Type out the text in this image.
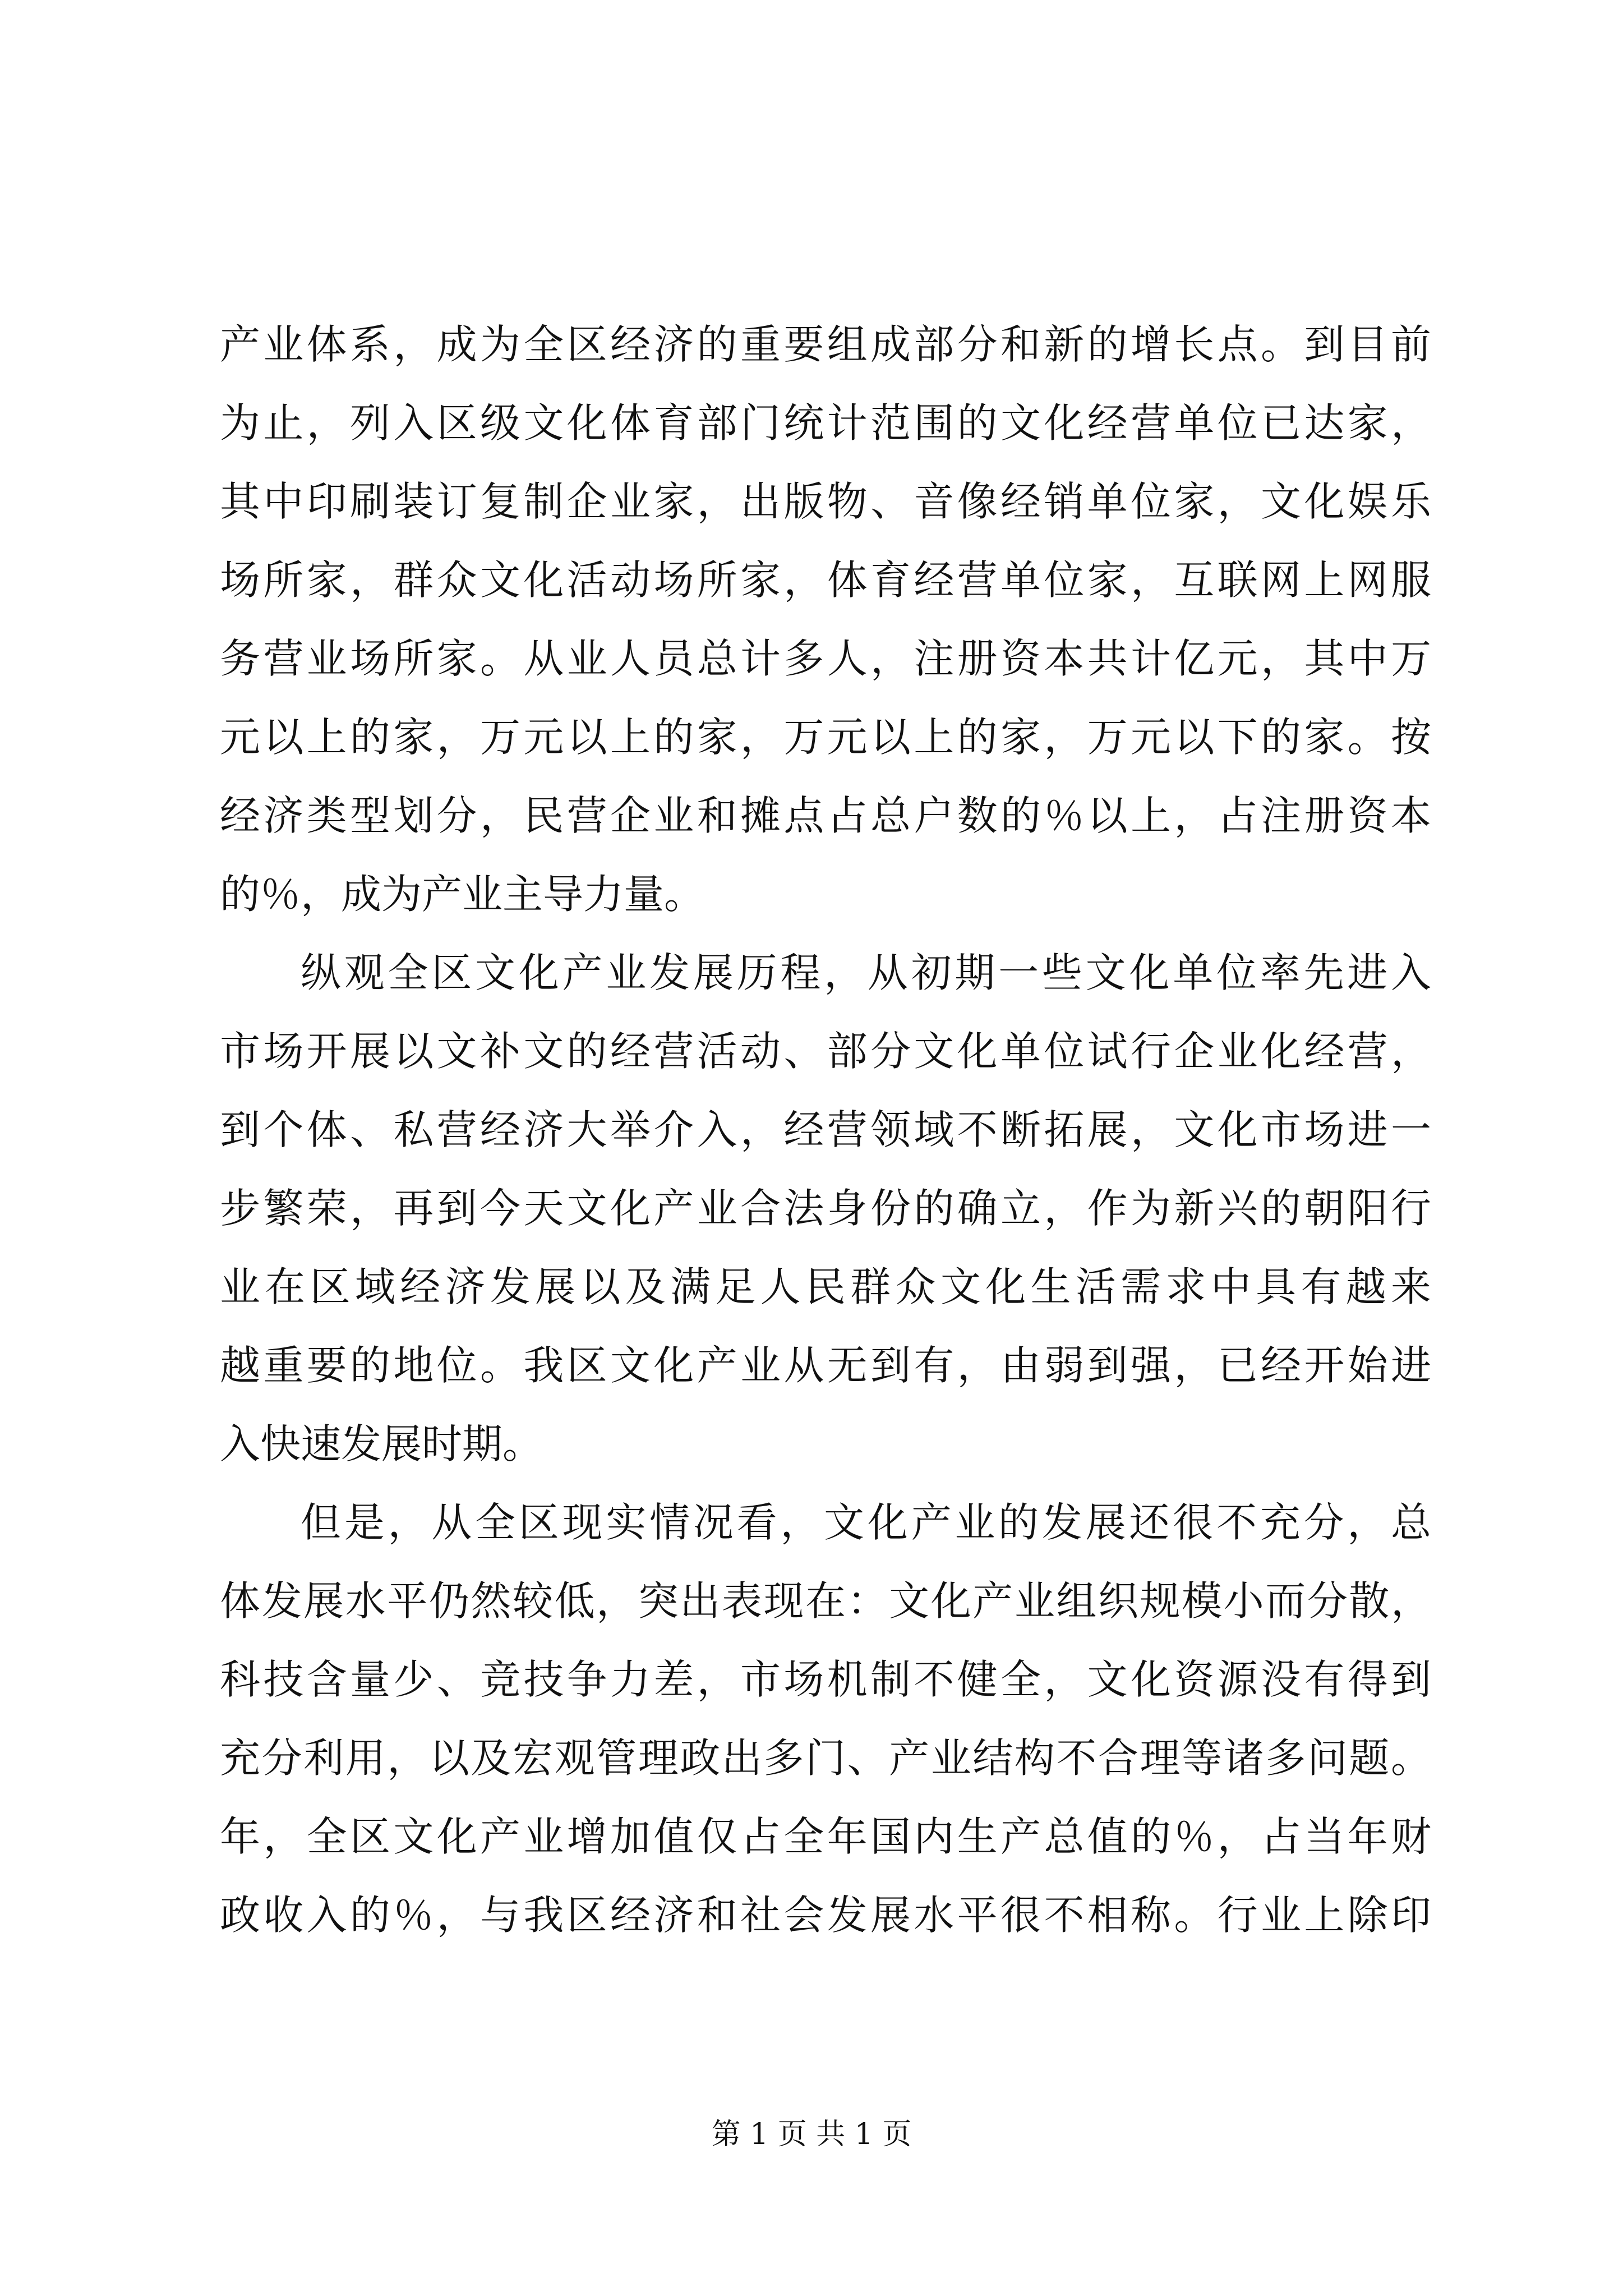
产业体系，成为全区经济的重要组成部分和新的增长点。到目前

为止，列入区级文化体育部门统计范围的文化经营单位已达家，

其中印刷装订复制企业家，出版物、音像经销单位家，文化娱乐

场所家，群众文化活动场所家，体育经营单位家，互联网上网服

务营业场所家。从业人员总计多人，注册资本共计亿元，其中万

元以上的家，万元以上的家，万元以上的家，万元以下的家。按

经济类型划分，民营企业和摊点占总户数的％以上，占注册资本

的％，成为产业主导力量。

纵观全区文化产业发展历程，从初期一些文化单位率先进入

市场开展以文补文的经营活动、部分文化单位试行企业化经营，

到个体、私营经济大举介入，经营领域不断拓展，文化市场进一

步繁荣，再到今天文化产业合法身份的确立，作为新兴的朝阳行

业在区域经济发展以及满足人民群众文化生活需求中具有越来

越重要的地位。我区文化产业从无到有，由弱到强，已经开始进

入快速发展时期。

但是，从全区现实情况看，文化产业的发展还很不充分，总

体发展水平仍然较低，突出表现在：文化产业组织规模小而分散，

科技含量少、竞技争力差，市场机制不健全，文化资源没有得到

充分利用，以及宏观管理政出多门、产业结构不合理等诸多问题。

年，全区文化产业增加值仅占全年国内生产总值的％，占当年财

政收入的％，与我区经济和社会发展水平很不相称。行业上除印

第 1 页 共 1 页
